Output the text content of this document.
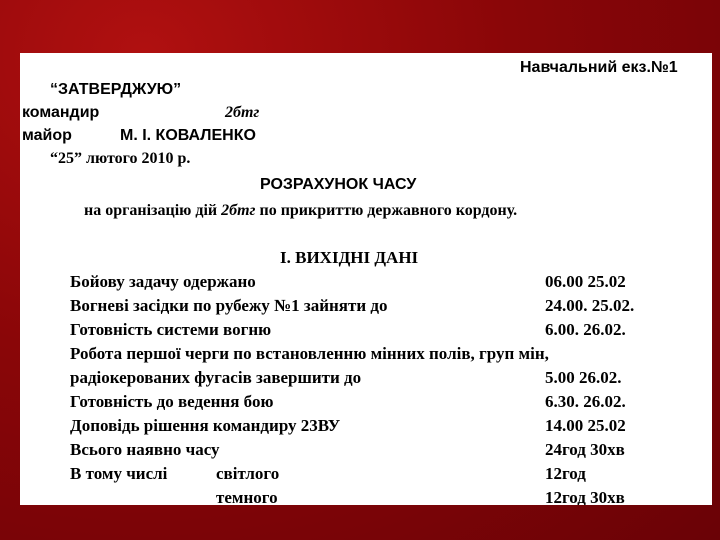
Навчальний екз.№1
“ЗАТВЕРДЖУЮ”
командир	2бтг
майор	М. І. КОВАЛЕНКО
“25” лютого 2010 р.
РОЗРАХУНОК ЧАСУ
на організацію дій 2бтг по прикриттю державного кордону.
І. ВИХІДНІ ДАНІ
Бойову задачу одержано	06.00 25.02
Вогневі засідки по рубежу №1 зайняти до	24.00. 25.02.
Готовність системи вогню	6.00. 26.02.
Робота першої черги по встановленню мінних полів, груп мін,
радіокерованих фугасів завершити до	5.00 26.02.
Готовність до ведення бою	6.30. 26.02.
Доповідь рішення командиру 23ВУ	14.00 25.02
Всього наявно часу	24год 30хв
В тому числі	світлого	12год
темного	12год 30хв
